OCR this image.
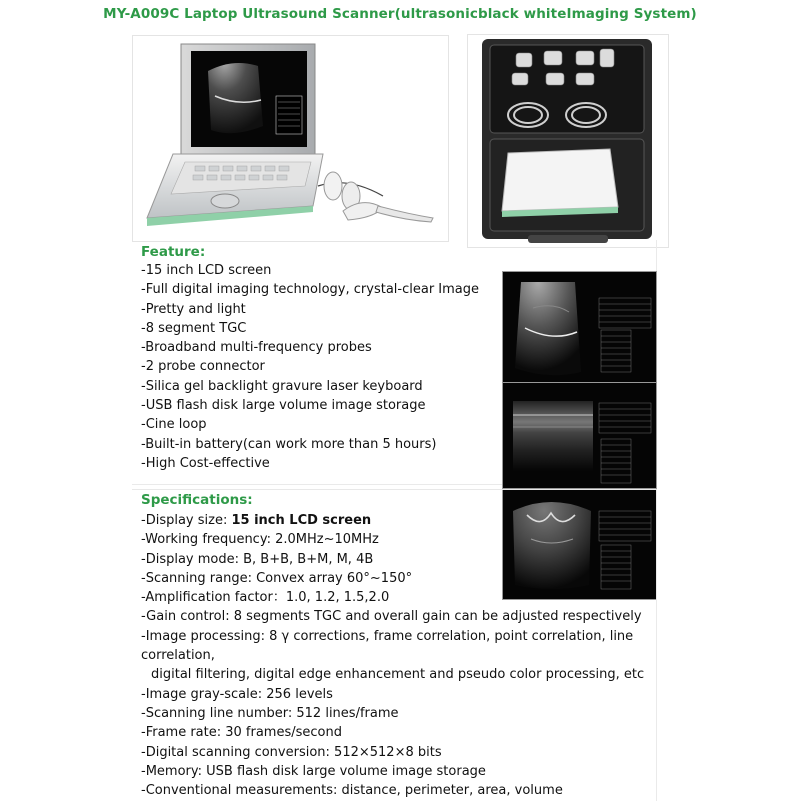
MY-A009C Laptop Ultrasound Scanner(ultrasonicblack whiteImaging System)
Feature:
-15 inch LCD screen
-Full digital imaging technology, crystal-clear Image
-Pretty and light
-8 segment TGC
-Broadband multi-frequency probes
-2 probe connector
-Silica gel backlight gravure laser keyboard
-USB flash disk large volume image storage
-Cine loop
-Built-in battery(can work more than 5 hours)
-High Cost-effective
Specifications:
-Display size: 15 inch LCD screen
-Working frequency: 2.0MHz~10MHz
-Display mode: B, B+B, B+M, M, 4B
-Scanning range: Convex array 60°~150°
-Amplification factor：1.0, 1.2, 1.5,2.0
-Gain control: 8 segments TGC and overall gain can be adjusted respectively
-Image processing: 8 γ corrections, frame correlation, point correlation, line
correlation,
digital filtering, digital edge enhancement and pseudo color processing, etc
-Image gray-scale: 256 levels
-Scanning line number: 512 lines/frame
-Frame rate: 30 frames/second
-Digital scanning conversion: 512×512×8 bits
-Memory: USB flash disk large volume image storage
-Conventional measurements: distance, perimeter, area, volume
